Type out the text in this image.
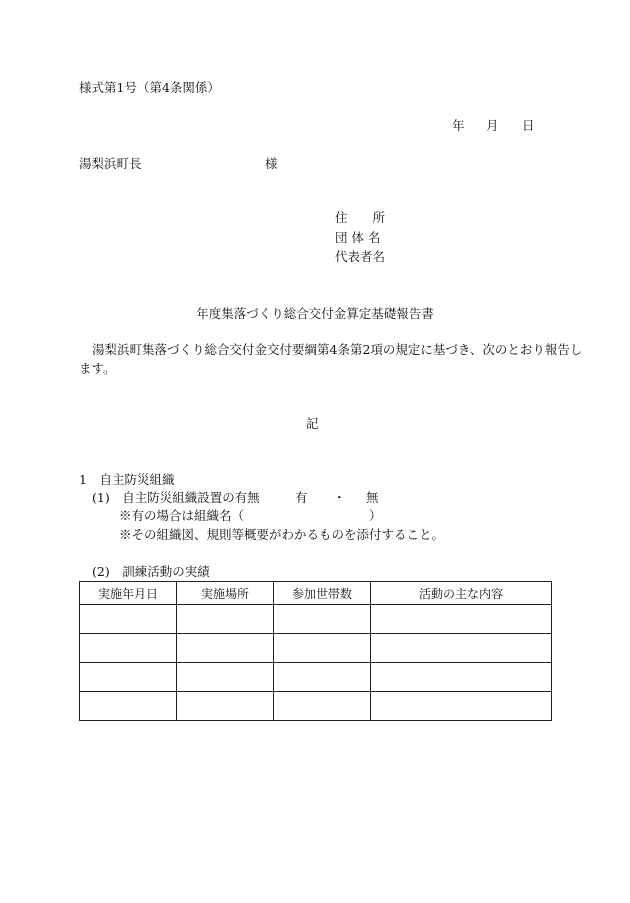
様式第1号（第4条関係）
年 月 日
湯梨浜町長	様
住　　所
団 体 名
代表者名
年度集落づくり総合交付金算定基礎報告書
湯梨浜町集落づくり総合交付金交付要綱第4条第2項の規定に基づき、次のとおり報告し
ます。
記
1　自主防災組織
(1)　自主防災組織設置の有無	有 ・ 無
※有の場合は組織名（	）
※その組織図、規則等概要がわかるものを添付すること。
(2)　訓練活動の実績
実施年月日	実施場所	参加世帯数	活動の主な内容
